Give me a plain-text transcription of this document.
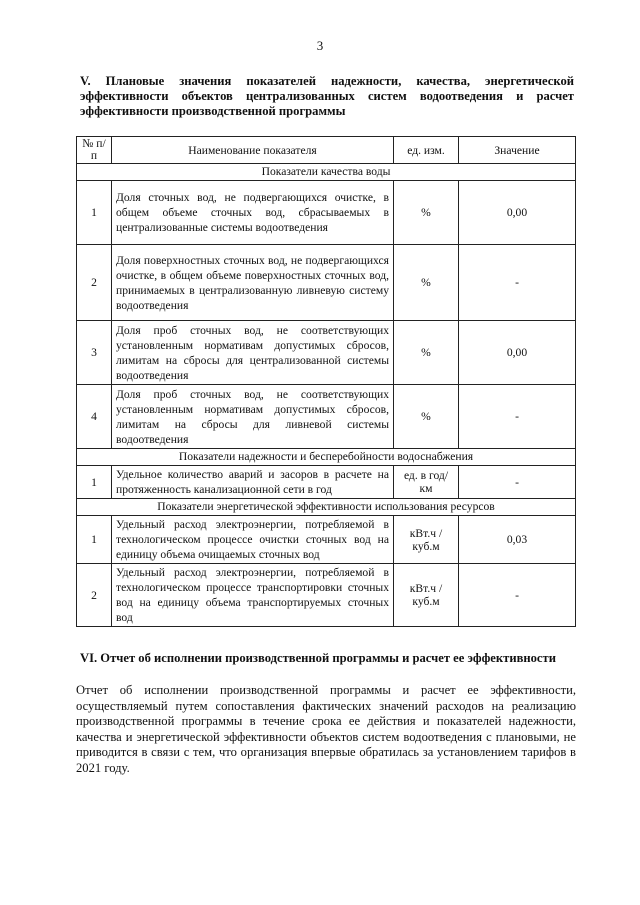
3
V. Плановые значения показателей надежности, качества, энергетической эффективности объектов централизованных систем водоотведения и расчет эффективности производственной программы
№ п/п	Наименование показателя	ед. изм.	Значение
Показатели качества воды			
1	Доля сточных вод, не подвергающихся очистке, в общем объеме сточных вод, сбрасываемых в централизованные системы водоотведения	%	0,00
2	Доля поверхностных сточных вод, не подвергающихся очистке, в общем объеме поверхностных сточных вод, принимаемых в централизованную ливневую систему водоотведения	%	-
3	Доля проб сточных вод, не соответствующих установленным нормативам допустимых сбросов, лимитам на сбросы для централизованной системы водоотведения	%	0,00
4	Доля проб сточных вод, не соответствующих установленным нормативам допустимых сбросов, лимитам на сбросы для ливневой системы водоотведения	%	-
Показатели надежности и бесперебойности водоснабжения			
1	Удельное количество аварий и засоров в расчете на протяженность канализационной сети в год	ед. в год/ км	-
Показатели энергетической эффективности использования ресурсов			
1	Удельный расход электроэнергии, потребляемой в технологическом процессе очистки сточных вод на единицу объема очищаемых сточных вод	кВт.ч / куб.м	0,03
2	Удельный расход электроэнергии, потребляемой в технологическом процессе транспортировки сточных вод на единицу объема транспортируемых сточных вод	кВт.ч / куб.м	-
VI. Отчет об исполнении производственной программы и расчет ее эффективности
Отчет об исполнении производственной программы и расчет ее эффективности, осуществляемый путем сопоставления фактических значений расходов на реализацию производственной программы в течение срока ее действия и показателей надежности, качества и энергетической эффективности объектов систем водоотведения с плановыми, не приводится в связи с тем, что организация впервые обратилась за установлением тарифов в 2021 году.
